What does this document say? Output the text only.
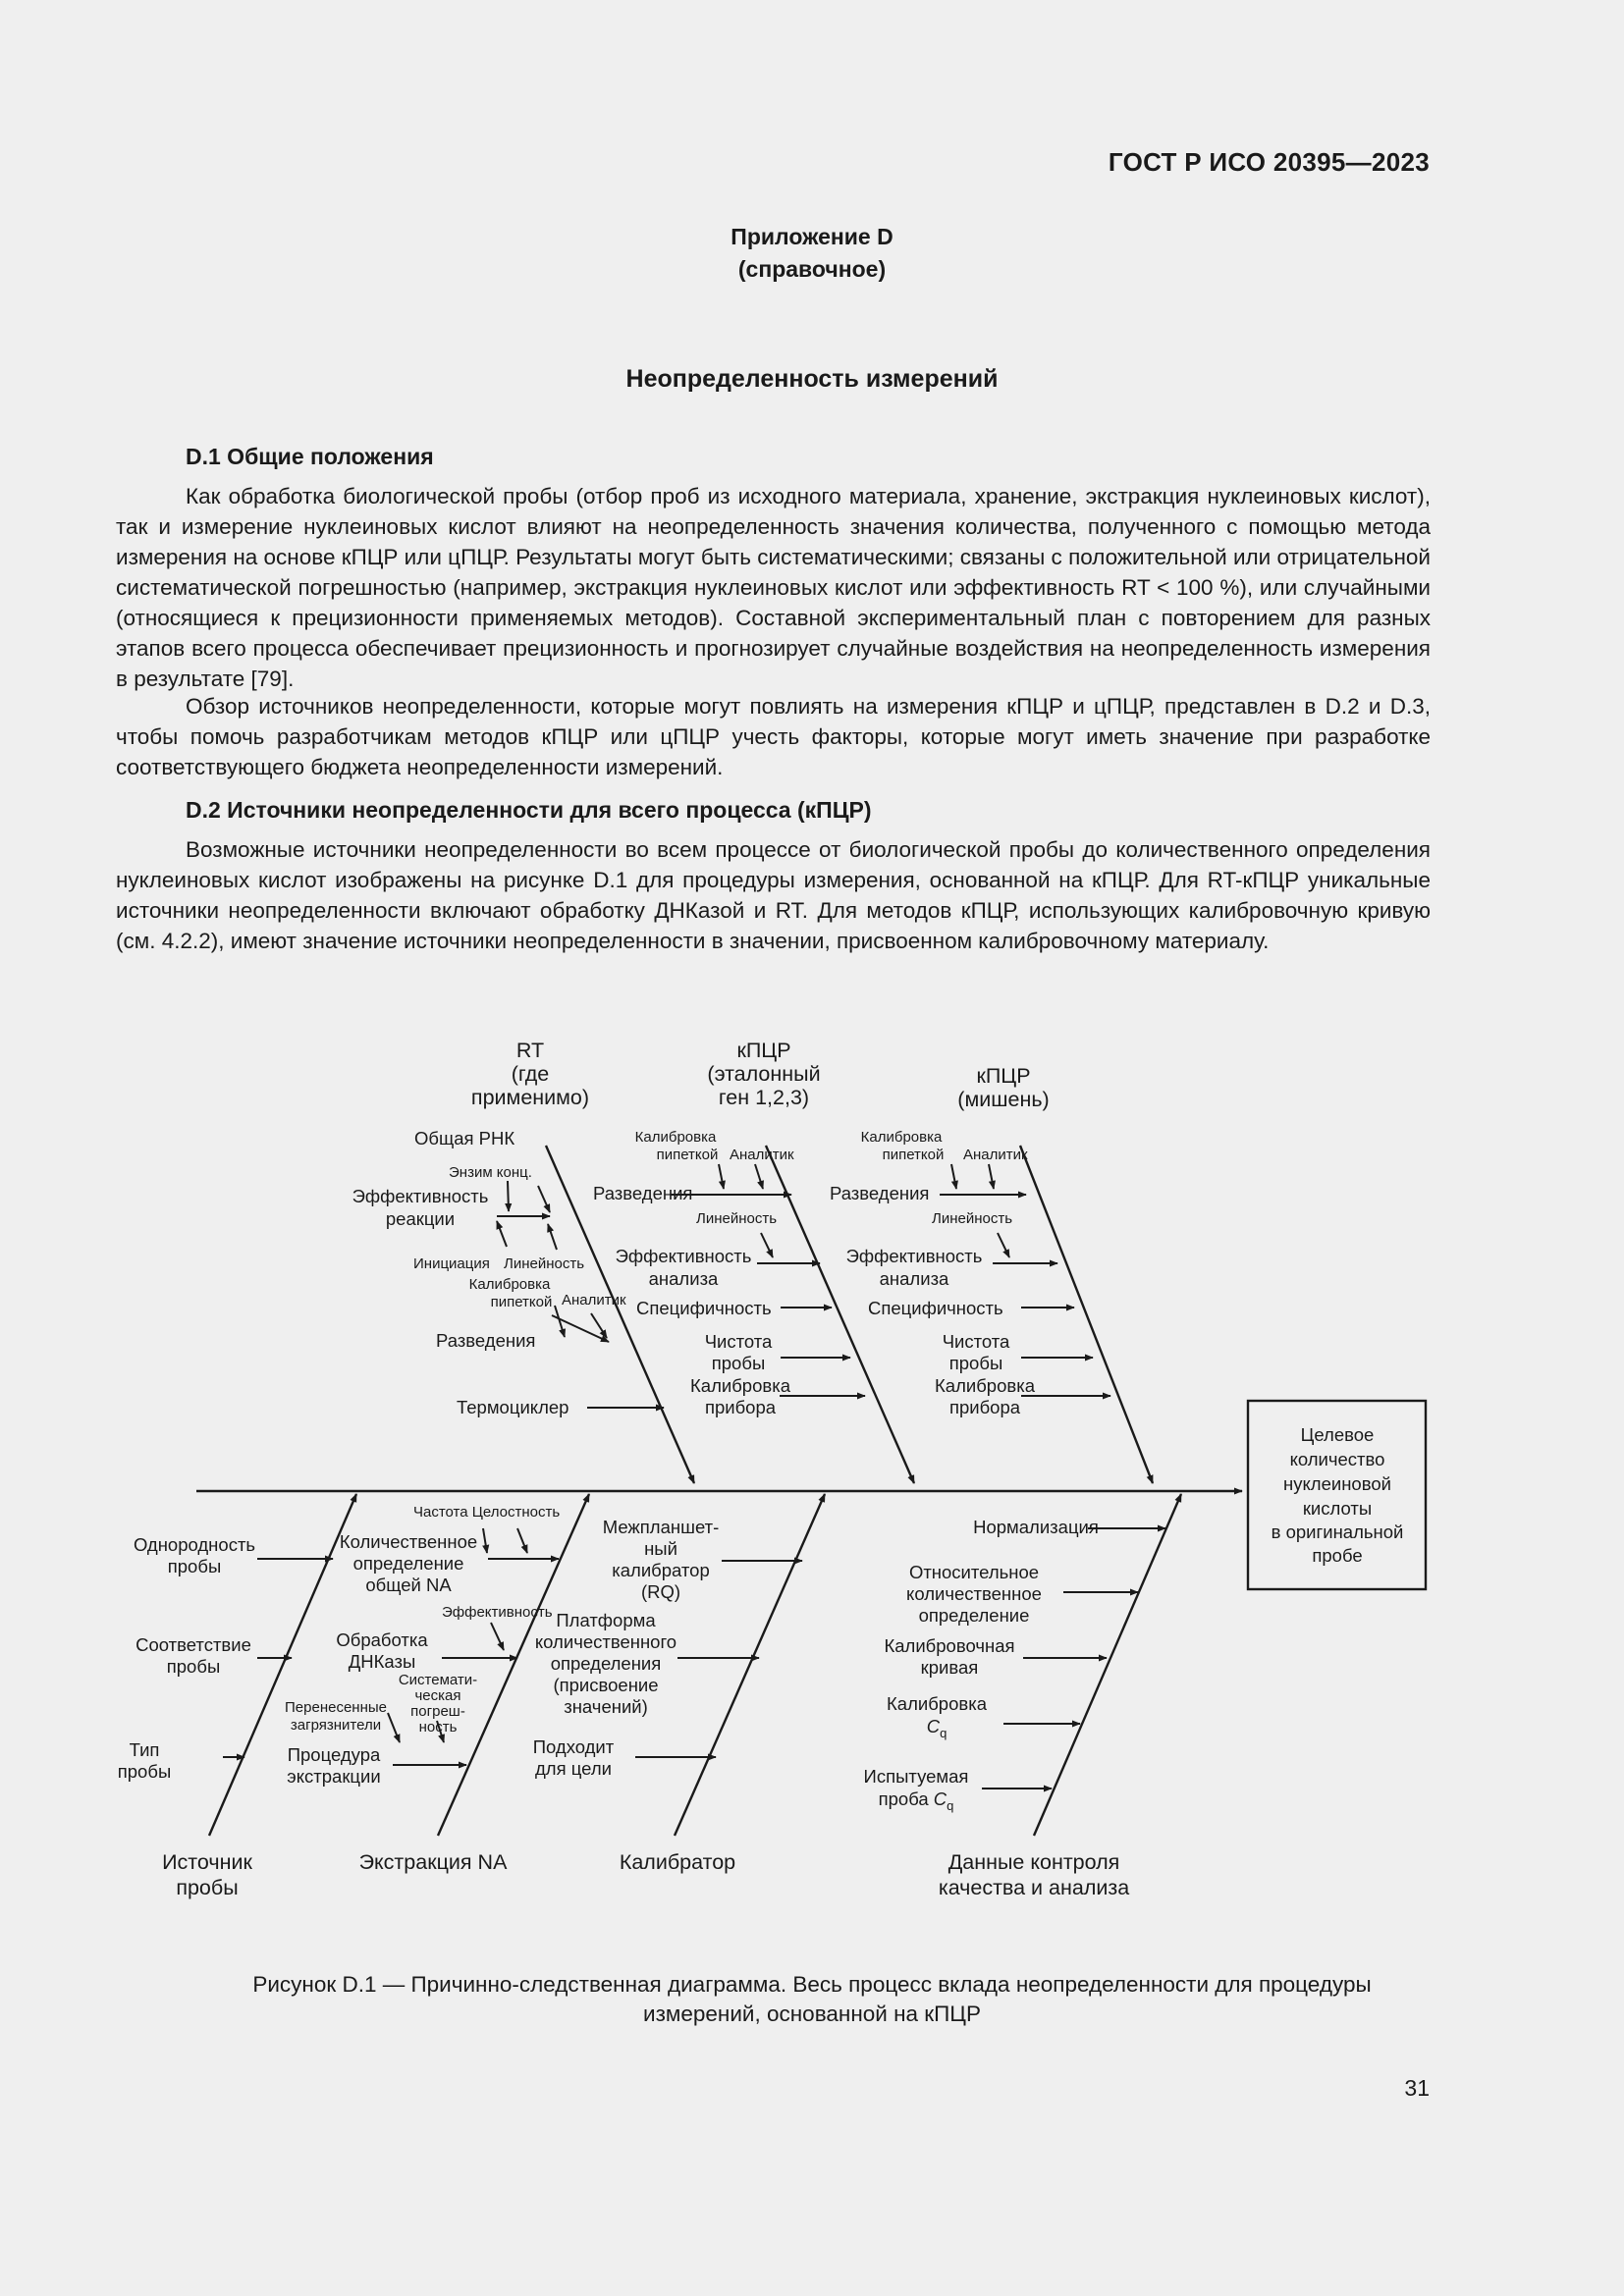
ГОСТ Р ИСО 20395—2023
Приложение D
(справочное)
Неопределенность измерений
D.1 Общие положения

Как обработка биологической пробы (отбор проб из исходного материала, хранение, экстракция нуклеиновых кислот), так и измерение нуклеиновых кислот влияют на неопределенность значения количества, полученного с помощью метода измерения на основе кПЦР или цПЦР. Результаты могут быть систематическими; связаны с положительной или отрицательной систематической погрешностью (например, экстракция нуклеиновых кислот или эффективность RT < 100 %), или случайными (относящиеся к прецизионности применяемых методов). Составной экспериментальный план с повторением для разных этапов всего процесса обеспечивает прецизионность и прогнозирует случайные воздействия на неопределенность измерения в результате [79].

Обзор источников неопределенности, которые могут повлиять на измерения кПЦР и цПЦР, представлен в D.2 и D.3, чтобы помочь разработчикам методов кПЦР или цПЦР учесть факторы, которые могут иметь значение при разработке соответствующего бюджета неопределенности измерений.

D.2 Источники неопределенности для всего процесса (кПЦР)

Возможные источники неопределенности во всем процессе от биологической пробы до количественного определения нуклеиновых кислот изображены на рисунке D.1 для процедуры измерения, основанной на кПЦР. Для RT-кПЦР уникальные источники неопределенности включают обработку ДНКазой и RT. Для методов кПЦР, использующих калибровочную кривую (см. 4.2.2), имеют значение источники неопределенности в значении, присвоенном калибровочному материалу.

Целевое
количество
нуклеиновой
кислоты
в оригинальной
пробе
RT
(где
применимо)
Общая РНК
Энзим конц.
Эффективность
реакции
Инициация Линейность
Калибровка
пипеткой Аналитик
Разведения
Термоциклер
кПЦР
(эталонный
ген 1,2,3)
Калибровка
пипеткой Аналитик
Разведения
Линейность
Эффективность
анализа
Специфичность
Чистота
пробы
Калибровка
прибора
кПЦР
(мишень)
Калибровка
пипеткой Аналитик
Разведения
Линейность
Эффективность
анализа
Специфичность
Чистота
пробы
Калибровка
прибора
Однородность
пробы
Соответствие
пробы
Тип
пробы
Источник
пробы
Частота Целостность
Количественное
определение
общей NA
Эффективность
Обработка
ДНКазы
Перенесенные
загрязнители
Системати-
ческая
погреш-
ность
Процедура
экстракции
Экстракция NA
Межпланшет-
ный
калибратор
(RQ)
Платформа
количественного
определения
(присвоение
значений)
Подходит
для цели
Калибратор
Нормализация
Относительное
количественное
определение
Калибровочная
кривая
Калибровка
$C_q$
Испытуемая
проба $C_q$
Данные контроля
качества и анализа
Рисунок D.1 — Причинно-следственная диаграмма. Весь процесс вклада неопределенности для процедуры
измерений, основанной на кПЦР
31
